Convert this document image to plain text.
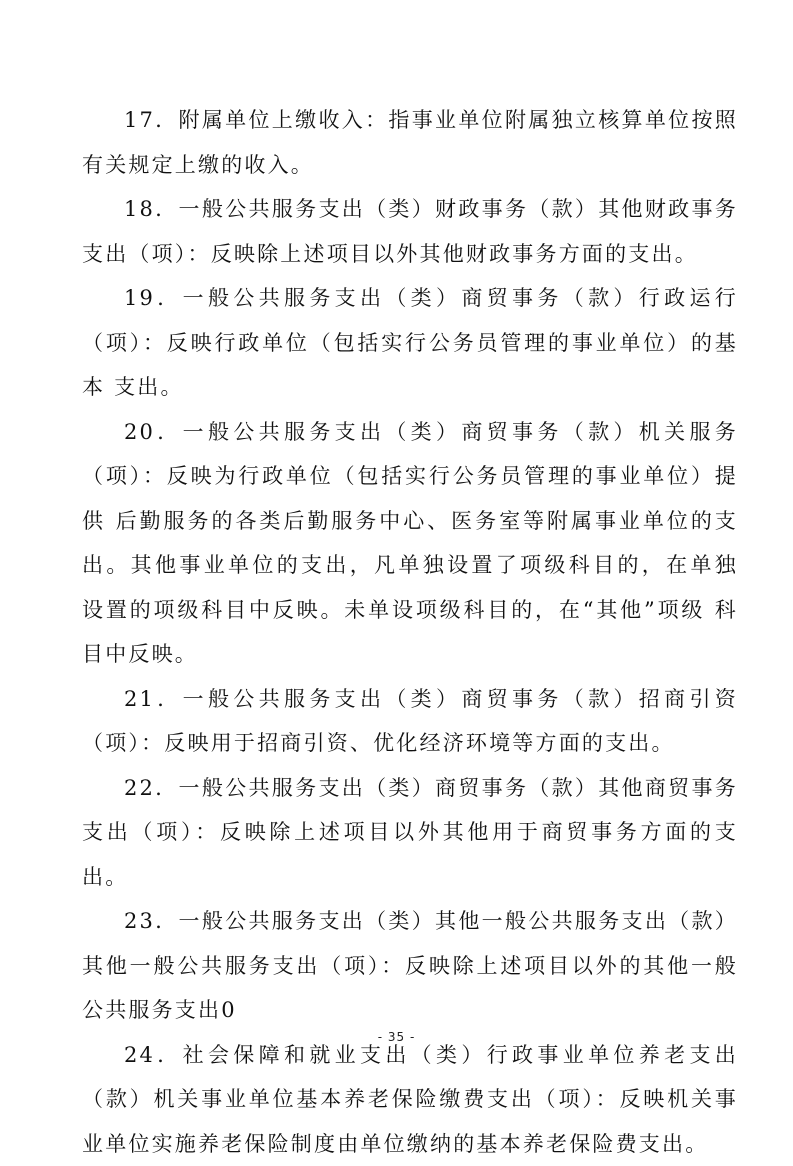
17．附属单位上缴收入：指事业单位附属独立核算单位按照有关规定上缴的收入。

18．一般公共服务支出（类）财政事务（款）其他财政事务支出（项）：反映除上述项目以外其他财政事务方面的支出。

19．一般公共服务支出（类）商贸事务（款）行政运行（项）：反映行政单位（包括实行公务员管理的事业单位）的基本 支出。

20．一般公共服务支出（类）商贸事务（款）机关服务（项）：反映为行政单位（包括实行公务员管理的事业单位）提供 后勤服务的各类后勤服务中心、医务室等附属事业单位的支 出。其他事业单位的支出，凡单独设置了项级科目的，在单独 设置的项级科目中反映。未单设项级科目的，在“其他”项级 科目中反映。

21．一般公共服务支出（类）商贸事务（款）招商引资（项）：反映用于招商引资、优化经济环境等方面的支出。

22．一般公共服务支出（类）商贸事务（款）其他商贸事务支出（项）：反映除上述项目以外其他用于商贸事务方面的支出。

23．一般公共服务支出（类）其他一般公共服务支出（款）其他一般公共服务支出（项）：反映除上述项目以外的其他一般公共服务支出0

24．社会保障和就业支出（类）行政事业单位养老支出（款）机关事业单位基本养老保险缴费支出（项）：反映机关事业单位实施养老保险制度由单位缴纳的基本养老保险费支出。

- 35 -
